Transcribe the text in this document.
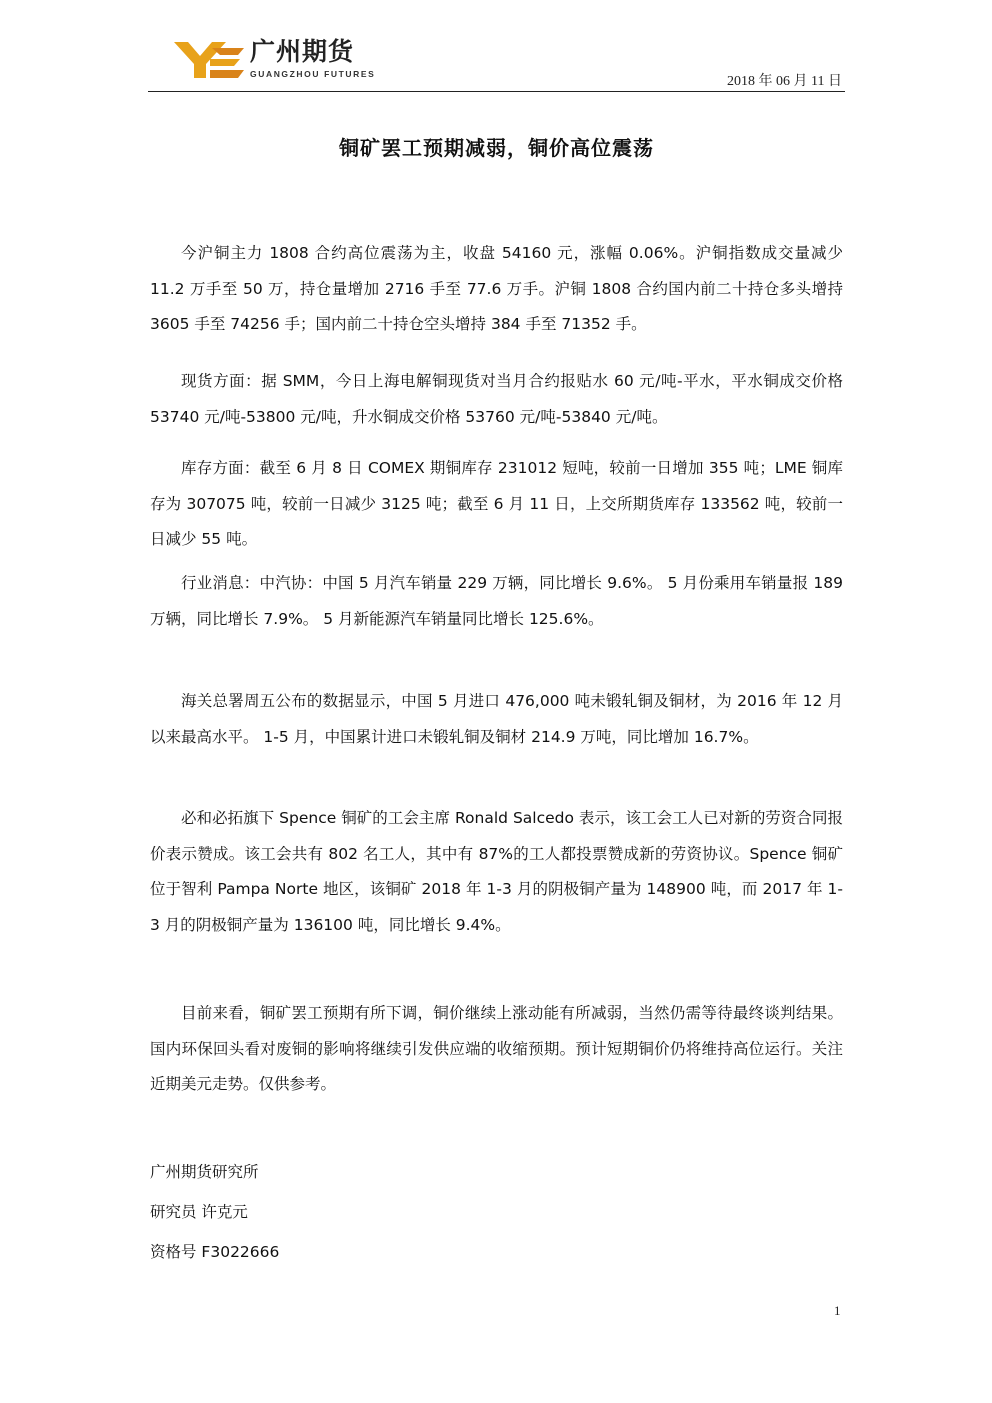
广州期货
GUANGZHOU FUTURES	2018 年 06 月 11 日
铜矿罢工预期减弱，铜价高位震荡

今沪铜主力 1808 合约高位震荡为主，收盘 54160 元，涨幅 0.06%。沪铜指数成交量减少 11.2 万手至 50 万，持仓量增加 2716 手至 77.6 万手。沪铜 1808 合约国内前二十持仓多头增持 3605 手至 74256 手；国内前二十持仓空头增持 384 手至 71352 手。

现货方面：据 SMM，今日上海电解铜现货对当月合约报贴水 60 元/吨-平水，平水铜成交价格 53740 元/吨-53800 元/吨，升水铜成交价格 53760 元/吨-53840 元/吨。

库存方面：截至 6 月 8 日 COMEX 期铜库存 231012 短吨，较前一日增加 355 吨；LME 铜库存为 307075 吨，较前一日减少 3125 吨；截至 6 月 11 日，上交所期货库存 133562 吨，较前一日减少 55 吨。

行业消息：中汽协：中国 5 月汽车销量 229 万辆，同比增长 9.6%。 5 月份乘用车销量报 189 万辆，同比增长 7.9%。 5 月新能源汽车销量同比增长 125.6%。

海关总署周五公布的数据显示，中国 5 月进口 476,000 吨未锻轧铜及铜材，为 2016 年 12 月以来最高水平。 1-5 月，中国累计进口未锻轧铜及铜材 214.9 万吨，同比增加 16.7%。

必和必拓旗下 Spence 铜矿的工会主席 Ronald Salcedo 表示，该工会工人已对新的劳资合同报价表示赞成。该工会共有 802 名工人，其中有 87%的工人都投票赞成新的劳资协议。Spence 铜矿位于智利 Pampa Norte 地区，该铜矿 2018 年 1-3 月的阴极铜产量为 148900 吨，而 2017 年 1-3 月的阴极铜产量为 136100 吨，同比增长 9.4%。

目前来看，铜矿罢工预期有所下调，铜价继续上涨动能有所减弱，当然仍需等待最终谈判结果。国内环保回头看对废铜的影响将继续引发供应端的收缩预期。预计短期铜价仍将维持高位运行。关注近期美元走势。仅供参考。

广州期货研究所

研究员 许克元

资格号 F3022666

1
